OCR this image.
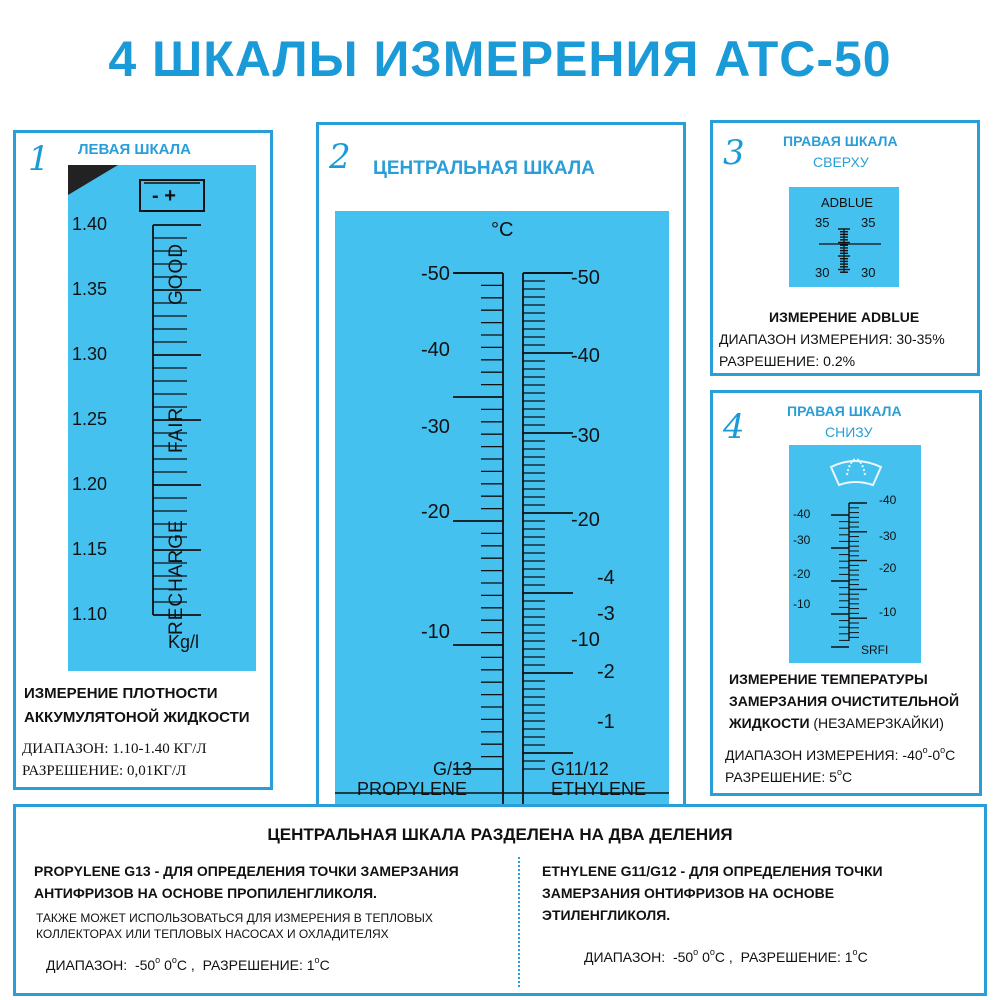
4 ШКАЛЫ ИЗМЕРЕНИЯ ATC-50
1 ЛЕВАЯ ШКАЛА
- +
1.40
1.35
1.30
1.25
1.20
1.15
1.10
GOOD
FAIR
RECHARGE
Kg/l
ИЗМЕРЕНИЕ ПЛОТНОСТИ
АККУМУЛЯТОНОЙ ЖИДКОСТИ
ДИАПАЗОН: 1.10-1.40 КГ/Л
РАЗРЕШЕНИЕ: 0,01КГ/Л
2 ЦЕНТРАЛЬНАЯ ШКАЛА
°C
-50
-40
-30
-20
-10
-50
-40
-30
-20
-10
-4
-3
-2
-1
G/13
PROPYLENE
G11/12
ETHYLENE
3	ПРАВАЯ ШКАЛА
СВЕРХУ
ADBLUE
35 35
30 30
ИЗМЕРЕНИЕ ADBLUE
ДИАПАЗОН ИЗМЕРЕНИЯ: 30-35%
РАЗРЕШЕНИЕ: 0.2%
4	ПРАВАЯ ШКАЛА
СНИЗУ
-40
-30
-20
-10
-40
-30
-20
-10
SRFI
ИЗМЕРЕНИЕ ТЕМПЕРАТУРЫ
ЗАМЕРЗАНИЯ ОЧИСТИТЕЛЬНОЙ
ЖИДКОСТИ (НЕЗАМЕРЗКАЙКИ)
ДИАПАЗОН ИЗМЕРЕНИЯ: -40$^o$-0$^o$C
РАЗРЕШЕНИЕ: 5$^o$C
ЦЕНТРАЛЬНАЯ ШКАЛА РАЗДЕЛЕНА НА ДВА ДЕЛЕНИЯ
PROPYLENE G13 - ДЛЯ ОПРЕДЕЛЕНИЯ ТОЧКИ ЗАМЕРЗАНИЯ
АНТИФРИЗОВ НА ОСНОВЕ ПРОПИЛЕНГЛИКОЛЯ.
ТАКЖЕ МОЖЕТ ИСПОЛЬЗОВАТЬСЯ ДЛЯ ИЗМЕРЕНИЯ В ТЕПЛОВЫХ
КОЛЛЕКТОРАХ ИЛИ ТЕПЛОВЫХ НАСОСАХ И ОХЛАДИТЕЛЯХ
ДИАПАЗОН: -50$^o$ 0$^o$C ,  РАЗРЕШЕНИЕ: 1$^o$C
ETHYLENE G11/G12 - ДЛЯ ОПРЕДЕЛЕНИЯ ТОЧКИ
ЗАМЕРЗАНИЯ ОНТИФРИЗОВ НА ОСНОВЕ
ЭТИЛЕНГЛИКОЛЯ.
ДИАПАЗОН: -50$^o$ 0$^o$C ,  РАЗРЕШЕНИЕ: 1$^o$C
